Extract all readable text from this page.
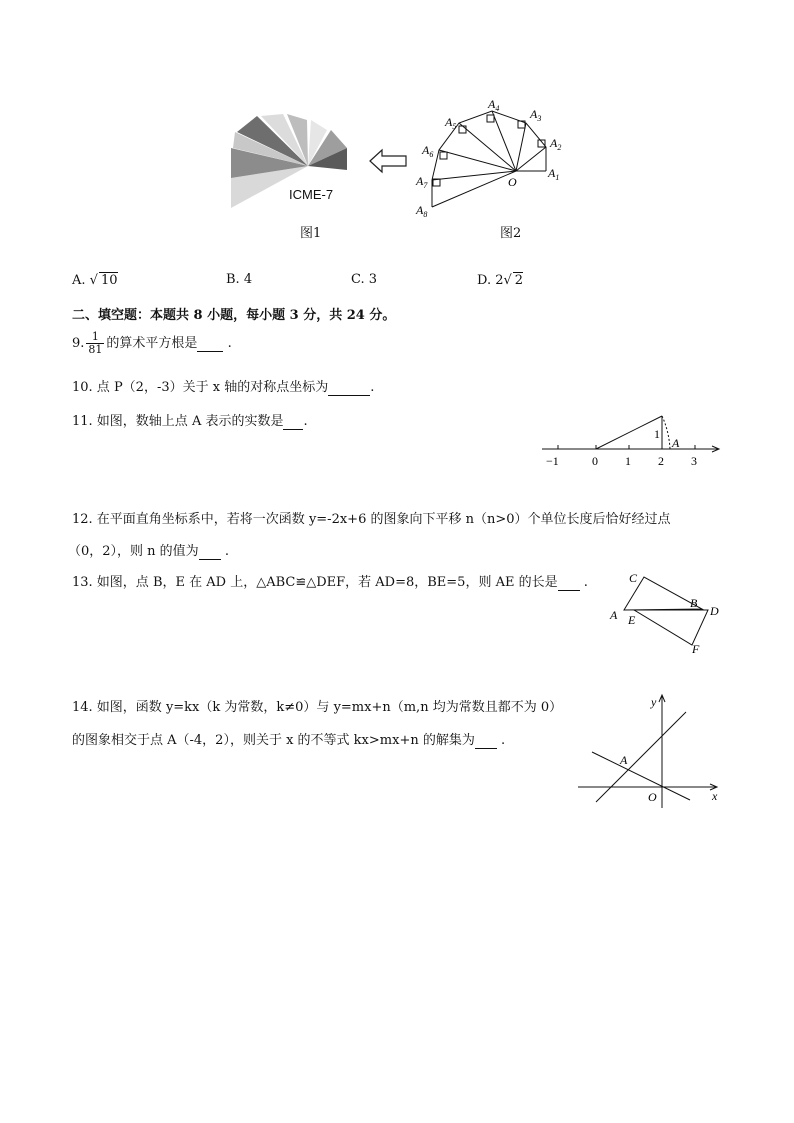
ICME-7
图1
$A_8$
$A_7$
$A_6$
$A_5$
$A_4$	$A_3$
$A_2$
$A_1$
O
图2
A. √ 10	B. 4	C. 3	D. 2√ 2
二、填空题：本题共 8 小题，每小题 3 分，共 24 分。
9. $\frac{1}{81}$ 的算术平方根是 .
10. 点 P（2，-3）关于 x 轴的对称点坐标为	.
11. 如图，数轴上点 A 表示的实数是 .
1
A
−1	0 1 2 3
12. 在平面直角坐标系中，若将一次函数 y=-2x+6 的图象向下平移 n（n>0）个单位长度后恰好经过点
（0，2），则 n 的值为 .
13. 如图，点 B，E 在 AD 上，△ABC≌△DEF，若 AD=8，BE=5，则 AE 的长是 .	C
B
D
A E
F
14. 如图，函数 y=kx（k 为常数，k≠0）与 y=mx+n（m,n 均为常数且都不为 0）
的图象相交于点 A（-4，2），则关于 x 的不等式 kx>mx+n 的解集为 .
y
x
O
A
